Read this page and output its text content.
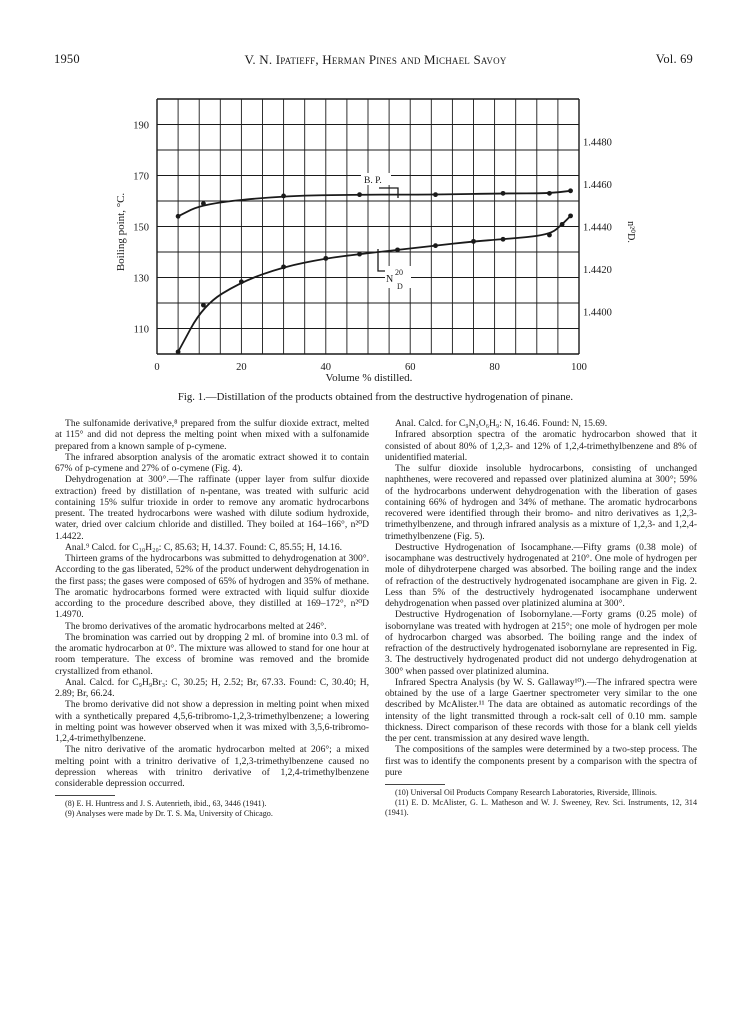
1950	V. N. Ipatieff, Herman Pines and Michael Savoy	Vol. 69
110
130
150
170
190
1.4400
1.4420
1.4440
1.4460
1.4480
0	20	40	60	80	100
Boiling point, °C.	n²⁰D.
Volume % distilled.
B. P.
N
20
D
Fig. 1.—Distillation of the products obtained from the destructive hydrogenation of pinane.

The sulfonamide derivative,⁸ prepared from the sulfur dioxide extract, melted at 115° and did not depress the melting point when mixed with a sulfonamide prepared from a known sample of p-cymene.

The infrared absorption analysis of the aromatic extract showed it to contain 67% of p-cymene and 27% of o-cymene (Fig. 4).

Dehydrogenation at 300°.—The raffinate (upper layer from sulfur dioxide extraction) freed by distillation of n-pentane, was treated with sulfuric acid containing 15% sulfur trioxide in order to remove any aromatic hydrocarbons present. The treated hydrocarbons were washed with dilute sodium hydroxide, water, dried over calcium chloride and distilled. They boiled at 164–166°, n²⁰D 1.4422.

Anal.⁹ Calcd. for C₁₀H₂₀: C, 85.63; H, 14.37. Found: C, 85.55; H, 14.16.

Thirteen grams of the hydrocarbons was submitted to dehydrogenation at 300°. According to the gas liberated, 52% of the product underwent dehydrogenation in the first pass; the gases were composed of 65% of hydrogen and 35% of methane. The aromatic hydrocarbons formed were extracted with liquid sulfur dioxide according to the procedure described above, they distilled at 169–172°, n²⁰D 1.4970.

The bromo derivatives of the aromatic hydrocarbons melted at 246°.

The bromination was carried out by dropping 2 ml. of bromine into 0.3 ml. of the aromatic hydrocarbon at 0°. The mixture was allowed to stand for one hour at room temperature. The excess of bromine was removed and the bromide crystallized from ethanol.

Anal. Calcd. for C₉H₉Br₃: C, 30.25; H, 2.52; Br, 67.33. Found: C, 30.40; H, 2.89; Br, 66.24.

The bromo derivative did not show a depression in melting point when mixed with a synthetically prepared 4,5,6-tribromo-1,2,3-trimethylbenzene; a lowering in melting point was however observed when it was mixed with 3,5,6-tribromo-1,2,4-trimethylbenzene.

The nitro derivative of the aromatic hydrocarbon melted at 206°; a mixed melting point with a trinitro derivative of 1,2,3-trimethylbenzene caused no depression whereas with trinitro derivative of 1,2,4-trimethylbenzene considerable depression occurred.

(8) E. H. Huntress and J. S. Autenrieth, ibid., 63, 3446 (1941).

(9) Analyses were made by Dr. T. S. Ma, University of Chicago.

Anal. Calcd. for C₉N₃O₆H₉: N, 16.46. Found: N, 15.69.

Infrared absorption spectra of the aromatic hydrocarbon showed that it consisted of about 80% of 1,2,3- and 12% of 1,2,4-trimethylbenzene and 8% of unidentified material.

The sulfur dioxide insoluble hydrocarbons, consisting of unchanged naphthenes, were recovered and repassed over platinized alumina at 300°; 59% of the hydrocarbons underwent dehydrogenation with the liberation of gases containing 66% of hydrogen and 34% of methane. The aromatic hydrocarbons recovered were identified through their bromo- and nitro derivatives as 1,2,3-trimethylbenzene, and through infrared analysis as a mixture of 1,2,3- and 1,2,4-trimethylbenzene (Fig. 5).

Destructive Hydrogenation of Isocamphane.—Fifty grams (0.38 mole) of isocamphane was destructively hydrogenated at 210°. One mole of hydrogen per mole of dihydroterpene charged was absorbed. The boiling range and the index of refraction of the destructively hydrogenated isocamphane are given in Fig. 2. Less than 5% of the destructively hydrogenated isocamphane underwent dehydrogenation when passed over platinized alumina at 300°.

Destructive Hydrogenation of Isobornylane.—Forty grams (0.25 mole) of isobornylane was treated with hydrogen at 215°; one mole of hydrogen per mole of hydrocarbon charged was absorbed. The boiling range and the index of refraction of the destructively hydrogenated isobornylane are represented in Fig. 3. The destructively hydrogenated product did not undergo dehydrogenation at 300° when passed over platinized alumina.

Infrared Spectra Analysis (by W. S. Gallaway¹⁰).—The infrared spectra were obtained by the use of a large Gaertner spectrometer very similar to the one described by McAlister.¹¹ The data are obtained as automatic recordings of the intensity of the light transmitted through a rock-salt cell of 0.10 mm. sample thickness. Direct comparison of these records with those for a blank cell yields the per cent. transmission at any desired wave length.

The compositions of the samples were determined by a two-step process. The first was to identify the components present by a comparison with the spectra of pure

(10) Universal Oil Products Company Research Laboratories, Riverside, Illinois.

(11) E. D. McAlister, G. L. Matheson and W. J. Sweeney, Rev. Sci. Instruments, 12, 314 (1941).
